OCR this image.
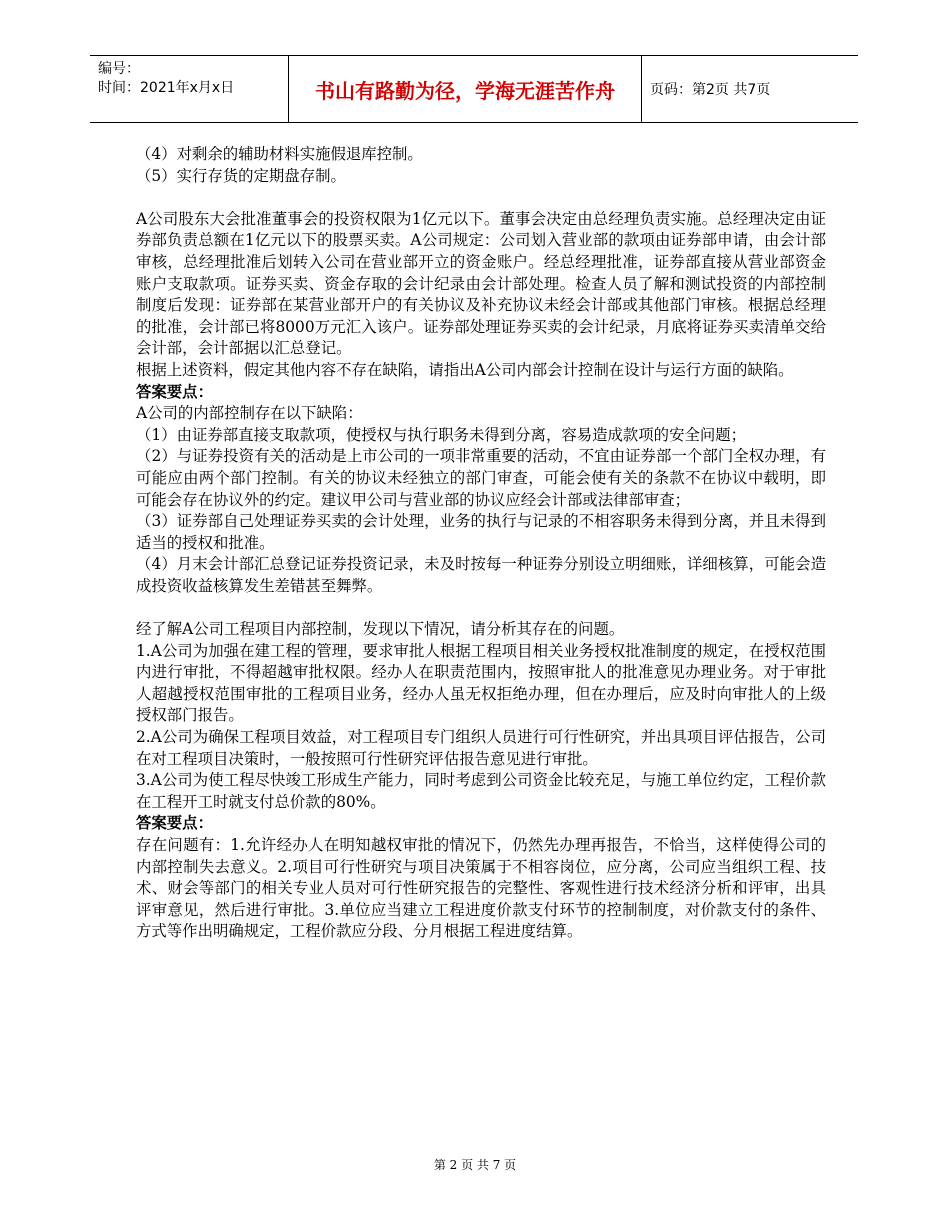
编号：
时间：2021年x月x日	书山有路勤为径，学海无涯苦作舟	页码：第2页 共7页

（4）对剩余的辅助材料实施假退库控制。

（5）实行存货的定期盘存制。

A公司股东大会批准董事会的投资权限为1亿元以下。董事会决定由总经理负责实施。总经理决定由证券部负责总额在1亿元以下的股票买卖。A公司规定：公司划入营业部的款项由证券部申请，由会计部审核，总经理批准后划转入公司在营业部开立的资金账户。经总经理批准，证券部直接从营业部资金账户支取款项。证券买卖、资金存取的会计纪录由会计部处理。检查人员了解和测试投资的内部控制制度后发现：证券部在某营业部开户的有关协议及补充协议未经会计部或其他部门审核。根据总经理的批准，会计部已将8000万元汇入该户。证券部处理证券买卖的会计纪录，月底将证券买卖清单交给会计部，会计部据以汇总登记。

根据上述资料，假定其他内容不存在缺陷，请指出A公司内部会计控制在设计与运行方面的缺陷。

答案要点：

A公司的内部控制存在以下缺陷：

（1）由证券部直接支取款项，使授权与执行职务未得到分离，容易造成款项的安全问题；

（2）与证券投资有关的活动是上市公司的一项非常重要的活动，不宜由证券部一个部门全权办理，有可能应由两个部门控制。有关的协议未经独立的部门审查，可能会使有关的条款不在协议中载明，即可能会存在协议外的约定。建议甲公司与营业部的协议应经会计部或法律部审查；

（3）证券部自己处理证券买卖的会计处理，业务的执行与记录的不相容职务未得到分离，并且未得到适当的授权和批准。

（4）月末会计部汇总登记证券投资记录，未及时按每一种证券分别设立明细账，详细核算，可能会造成投资收益核算发生差错甚至舞弊。

经了解A公司工程项目内部控制，发现以下情况，请分析其存在的问题。

1.A公司为加强在建工程的管理，要求审批人根据工程项目相关业务授权批准制度的规定，在授权范围内进行审批，不得超越审批权限。经办人在职责范围内，按照审批人的批准意见办理业务。对于审批人超越授权范围审批的工程项目业务，经办人虽无权拒绝办理，但在办理后，应及时向审批人的上级授权部门报告。

2.A公司为确保工程项目效益，对工程项目专门组织人员进行可行性研究，并出具项目评估报告，公司在对工程项目决策时，一般按照可行性研究评估报告意见进行审批。

3.A公司为使工程尽快竣工形成生产能力，同时考虑到公司资金比较充足，与施工单位约定，工程价款在工程开工时就支付总价款的80%。

答案要点：

存在问题有：1.允许经办人在明知越权审批的情况下，仍然先办理再报告，不恰当，这样使得公司的内部控制失去意义。2.项目可行性研究与项目决策属于不相容岗位，应分离，公司应当组织工程、技术、财会等部门的相关专业人员对可行性研究报告的完整性、客观性进行技术经济分析和评审，出具评审意见，然后进行审批。3.单位应当建立工程进度价款支付环节的控制制度，对价款支付的条件、方式等作出明确规定，工程价款应分段、分月根据工程进度结算。

第 2 页 共 7 页
